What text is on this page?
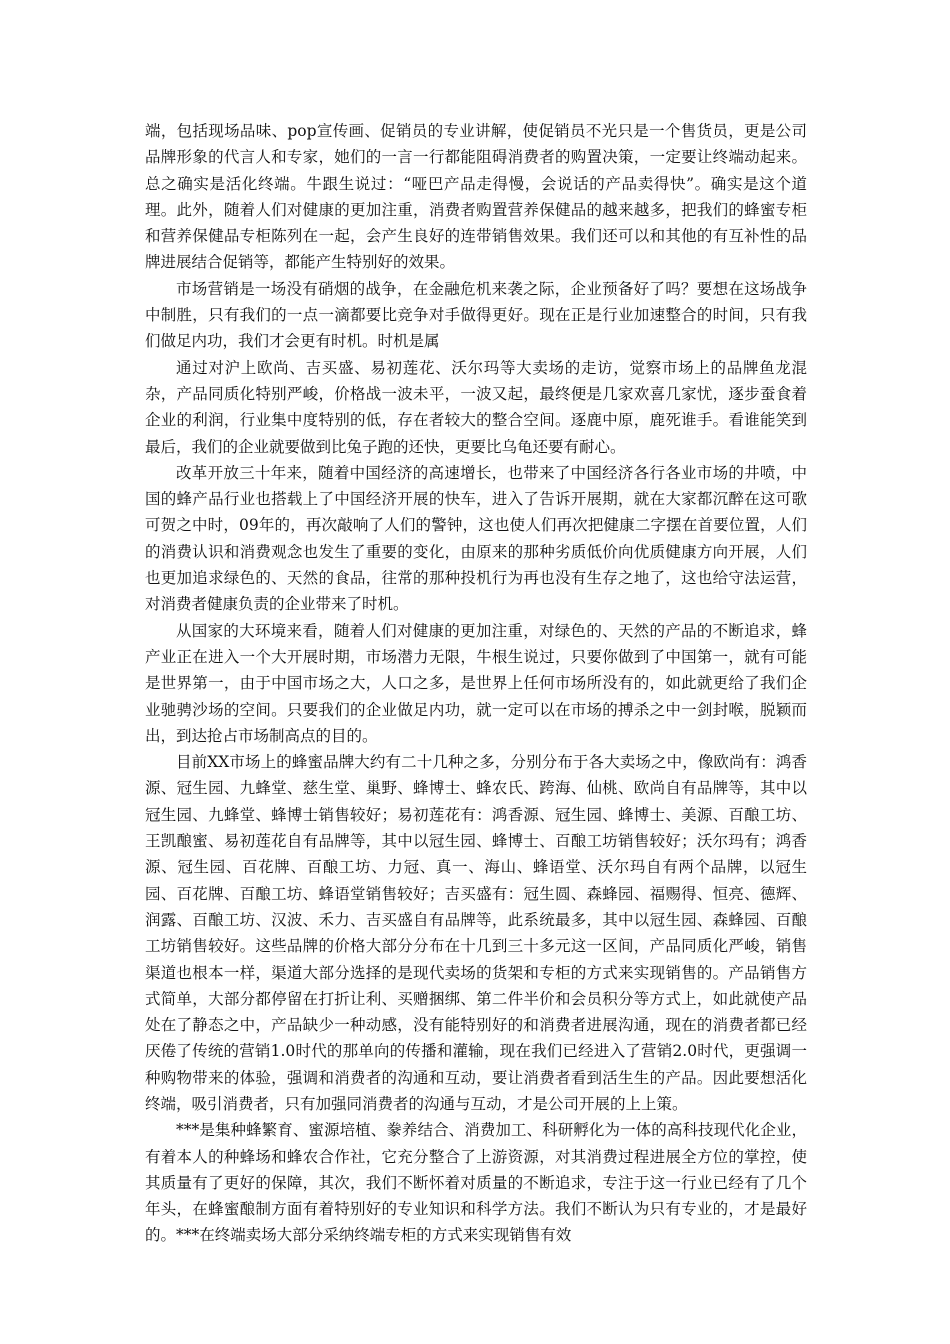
端，包括现场品味、pop宣传画、促销员的专业讲解，使促销员不光只是一个售货员，更是公司品牌形象的代言人和专家，她们的一言一行都能阻碍消费者的购置决策，一定要让终端动起来。总之确实是活化终端。牛跟生说过：“哑巴产品走得慢，会说话的产品卖得快”。确实是这个道理。此外，随着人们对健康的更加注重，消费者购置营养保健品的越来越多，把我们的蜂蜜专柜和营养保健品专柜陈列在一起，会产生良好的连带销售效果。我们还可以和其他的有互补性的品牌进展结合促销等，都能产生特别好的效果。

市场营销是一场没有硝烟的战争，在金融危机来袭之际，企业预备好了吗？要想在这场战争中制胜，只有我们的一点一滴都要比竞争对手做得更好。现在正是行业加速整合的时间，只有我们做足内功，我们才会更有时机。时机是属

通过对沪上欧尚、吉买盛、易初莲花、沃尔玛等大卖场的走访，觉察市场上的品牌鱼龙混杂，产品同质化特别严峻，价格战一波未平，一波又起，最终便是几家欢喜几家忧，逐步蚕食着企业的利润，行业集中度特别的低，存在者较大的整合空间。逐鹿中原，鹿死谁手。看谁能笑到最后，我们的企业就要做到比兔子跑的还快，更要比乌龟还要有耐心。

改革开放三十年来，随着中国经济的高速增长，也带来了中国经济各行各业市场的井喷，中国的蜂产品行业也搭载上了中国经济开展的快车，进入了告诉开展期，就在大家都沉醉在这可歌可贺之中时，09年的，再次敲响了人们的警钟，这也使人们再次把健康二字摆在首要位置，人们的消费认识和消费观念也发生了重要的变化，由原来的那种劣质低价向优质健康方向开展，人们也更加追求绿色的、天然的食品，往常的那种投机行为再也没有生存之地了，这也给守法运营，对消费者健康负责的企业带来了时机。

从国家的大环境来看，随着人们对健康的更加注重，对绿色的、天然的产品的不断追求，蜂产业正在进入一个大开展时期，市场潜力无限，牛根生说过，只要你做到了中国第一，就有可能是世界第一，由于中国市场之大，人口之多，是世界上任何市场所没有的，如此就更给了我们企业驰骋沙场的空间。只要我们的企业做足内功，就一定可以在市场的搏杀之中一剑封喉，脱颖而出，到达抢占市场制高点的目的。

目前XX市场上的蜂蜜品牌大约有二十几种之多，分别分布于各大卖场之中，像欧尚有：鸿香源、冠生园、九蜂堂、慈生堂、巢野、蜂博士、蜂农氏、跨海、仙桃、欧尚自有品牌等，其中以冠生园、九蜂堂、蜂博士销售较好；易初莲花有：鸿香源、冠生园、蜂博士、美源、百酿工坊、王凯酿蜜、易初莲花自有品牌等，其中以冠生园、蜂博士、百酿工坊销售较好；沃尔玛有；鸿香源、冠生园、百花牌、百酿工坊、力冠、真一、海山、蜂语堂、沃尔玛自有两个品牌，以冠生园、百花牌、百酿工坊、蜂语堂销售较好；吉买盛有：冠生圆、森蜂园、福赐得、恒亮、德辉、润露、百酿工坊、汉波、禾力、吉买盛自有品牌等，此系统最多，其中以冠生园、森蜂园、百酿工坊销售较好。这些品牌的价格大部分分布在十几到三十多元这一区间，产品同质化严峻，销售渠道也根本一样，渠道大部分选择的是现代卖场的货架和专柜的方式来实现销售的。产品销售方式简单，大部分都停留在打折让利、买赠捆绑、第二件半价和会员积分等方式上，如此就使产品处在了静态之中，产品缺少一种动感，没有能特别好的和消费者进展沟通，现在的消费者都已经厌倦了传统的营销1.0时代的那单向的传播和灌输，现在我们已经进入了营销2.0时代，更强调一种购物带来的体验，强调和消费者的沟通和互动，要让消费者看到活生生的产品。因此要想活化终端，吸引消费者，只有加强同消费者的沟通与互动，才是公司开展的上上策。

***是集种蜂繁育、蜜源培植、豢养结合、消费加工、科研孵化为一体的高科技现代化企业，有着本人的种蜂场和蜂农合作社，它充分整合了上游资源，对其消费过程进展全方位的掌控，使其质量有了更好的保障，其次，我们不断怀着对质量的不断追求，专注于这一行业已经有了几个年头，在蜂蜜酿制方面有着特别好的专业知识和科学方法。我们不断认为只有专业的，才是最好的。***在终端卖场大部分采纳终端专柜的方式来实现销售有效
